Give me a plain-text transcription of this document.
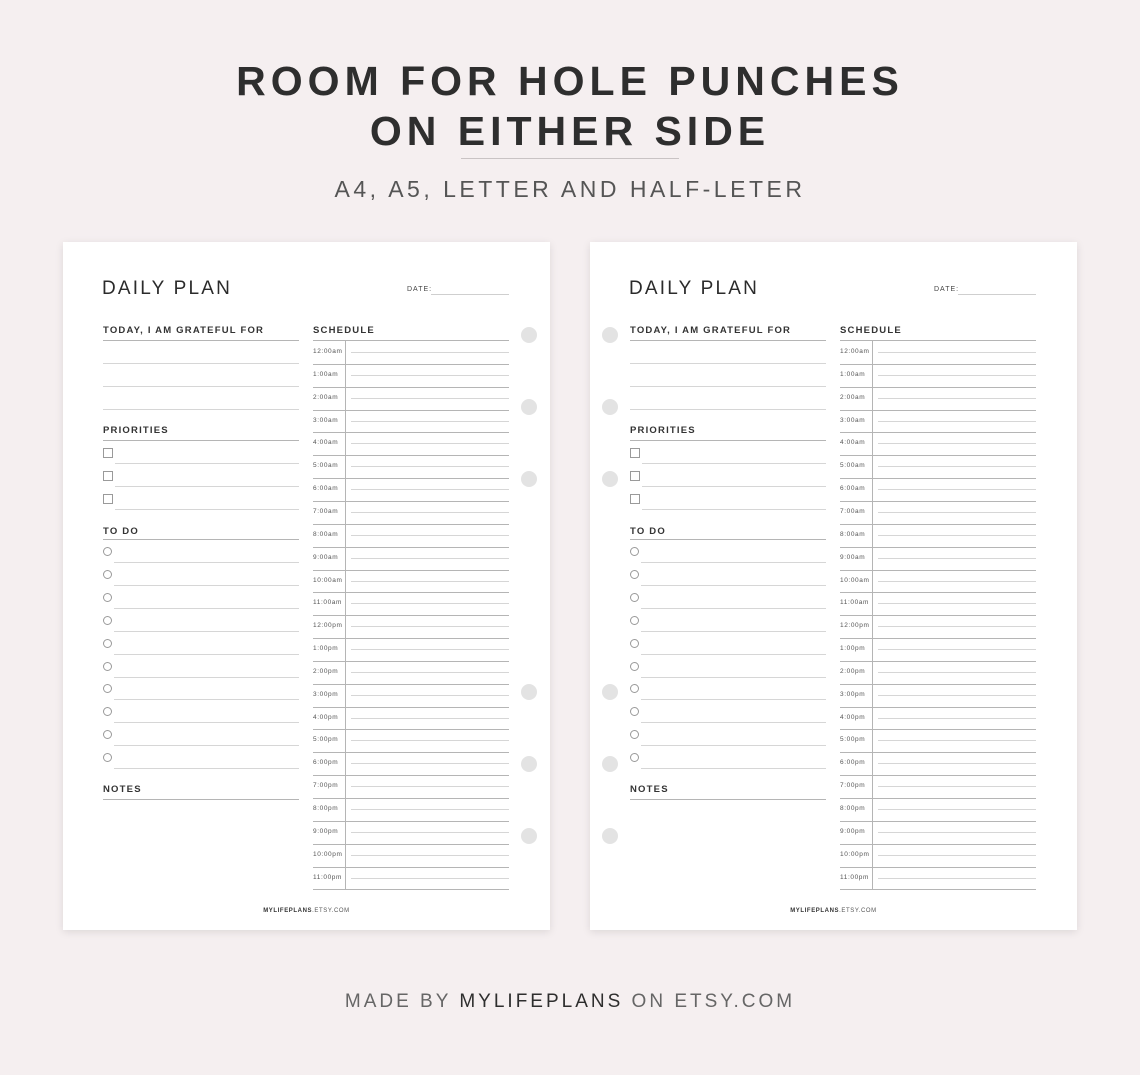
ROOM FOR HOLE PUNCHES
ON EITHER SIDE
A4, A5, LETTER AND HALF-LETER
DAILY PLAN	DATE:
TODAY, I AM GRATEFUL FOR
PRIORITIES
TO DO
NOTES
SCHEDULE
12:00am
1:00am
2:00am
3:00am
4:00am
5:00am
6:00am
7:00am
8:00am
9:00am
10:00am
11:00am
12:00pm
1:00pm
2:00pm
3:00pm
4:00pm
5:00pm
6:00pm
7:00pm
8:00pm
9:00pm
10:00pm
11:00pm
MYLIFEPLANS.ETSY.COM
DAILY PLAN	DATE:
TODAY, I AM GRATEFUL FOR
PRIORITIES
TO DO
NOTES
SCHEDULE
12:00am
1:00am
2:00am
3:00am
4:00am
5:00am
6:00am
7:00am
8:00am
9:00am
10:00am
11:00am
12:00pm
1:00pm
2:00pm
3:00pm
4:00pm
5:00pm
6:00pm
7:00pm
8:00pm
9:00pm
10:00pm
11:00pm
MYLIFEPLANS.ETSY.COM
MADE BY MYLIFEPLANS ON ETSY.COM
